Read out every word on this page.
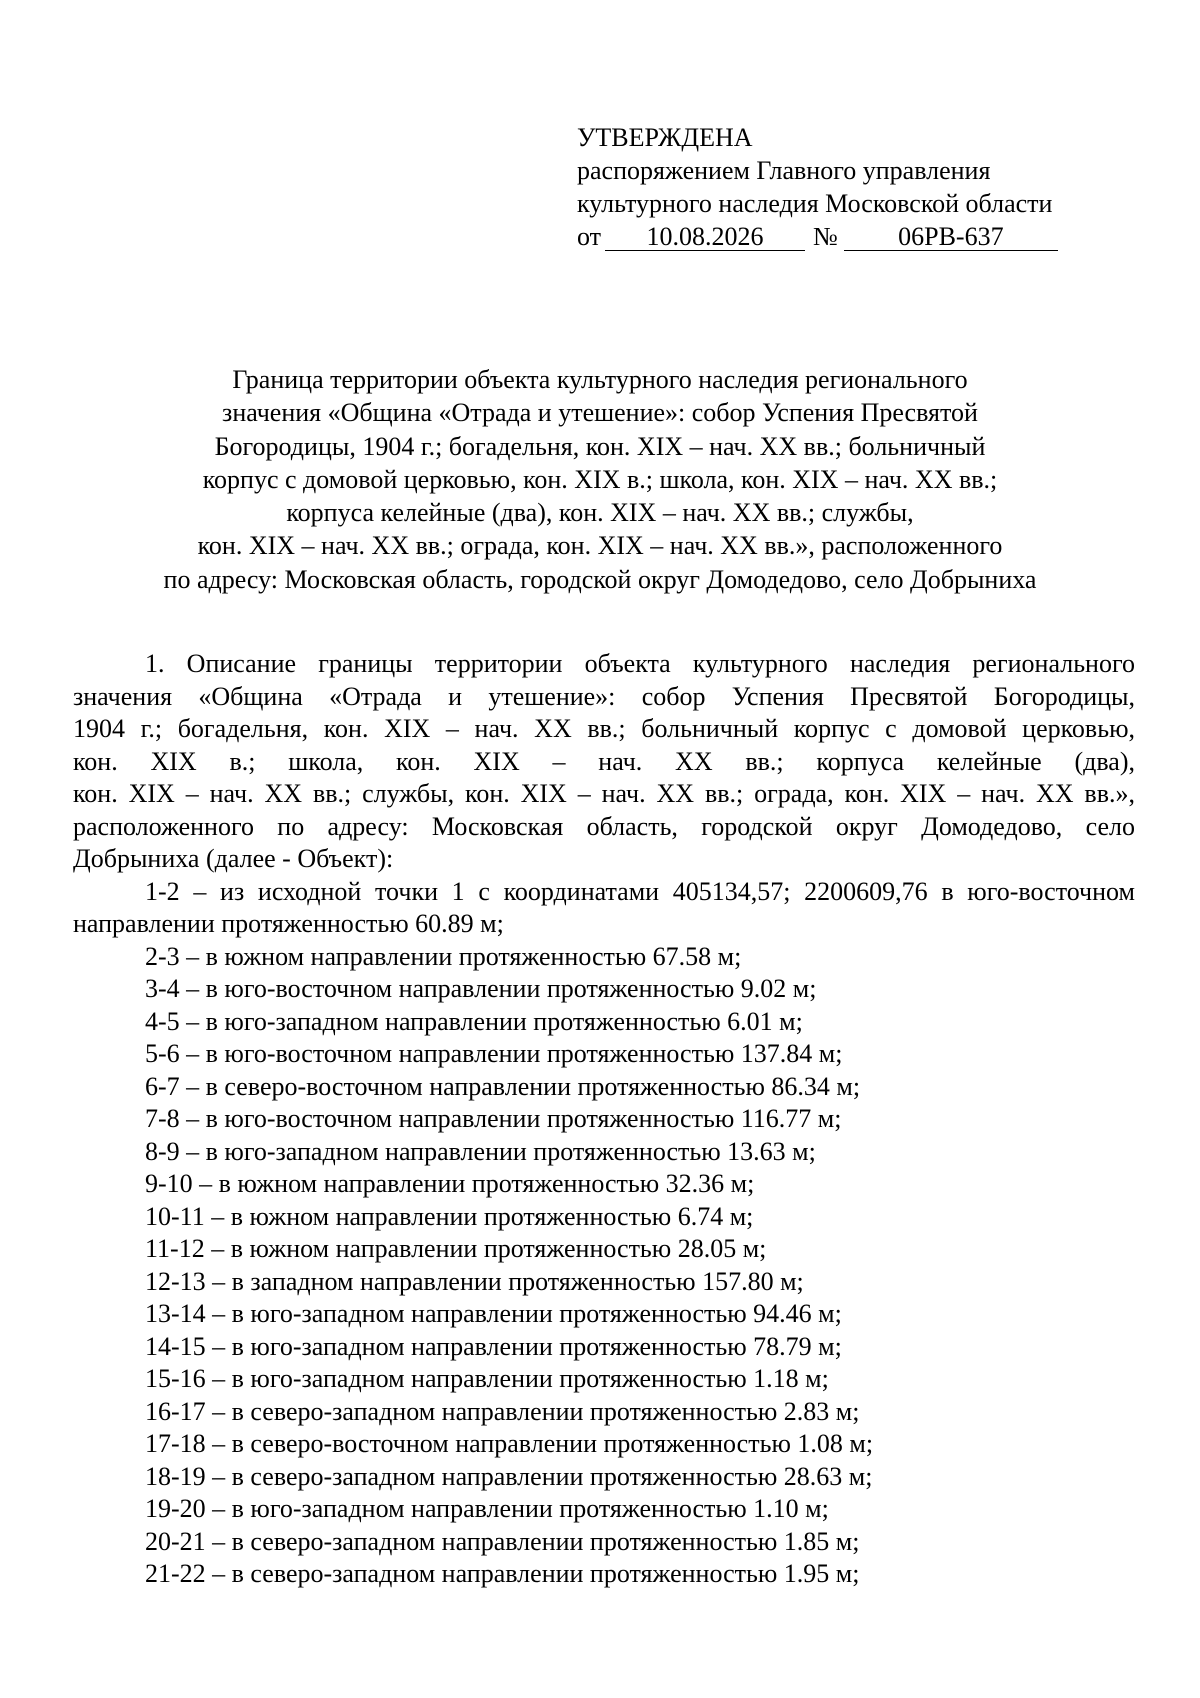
УТВЕРЖДЕНА
распоряжением Главного управления
культурного наследия Московской области
от 10.08.2026 № 06РВ-637
Граница территории объекта культурного наследия регионального
значения «Община «Отрада и утешение»: собор Успения Пресвятой
Богородицы, 1904 г.; богадельня, кон. XIX – нач. XX вв.; больничный
корпус с домовой церковью, кон. XIX в.; школа, кон. XIX – нач. XX вв.;
корпуса келейные (два), кон. XIX – нач. XX вв.; службы,
кон. XIX – нач. XX вв.; ограда, кон. XIX – нач. XX вв.», расположенного
по адресу: Московская область, городской округ Домодедово, село Добрыниха
1. Описание границы территории объекта культурного наследия регионального
значения «Община «Отрада и утешение»: собор Успения Пресвятой Богородицы,
1904 г.; богадельня, кон. XIX – нач. XX вв.; больничный корпус с домовой церковью,
кон. XIX в.; школа, кон. XIX – нач. XX вв.; корпуса келейные (два),
кон. XIX – нач. XX вв.; службы, кон. XIX – нач. XX вв.; ограда, кон. XIX – нач. XX вв.»,
расположенного по адресу: Московская область, городской округ Домодедово, село
Добрыниха (далее - Объект):
1-2 – из исходной точки 1 с координатами 405134,57; 2200609,76 в юго-восточном
направлении протяженностью 60.89 м;
2-3 – в южном направлении протяженностью 67.58 м;
3-4 – в юго-восточном направлении протяженностью 9.02 м;
4-5 – в юго-западном направлении протяженностью 6.01 м;
5-6 – в юго-восточном направлении протяженностью 137.84 м;
6-7 – в северо-восточном направлении протяженностью 86.34 м;
7-8 – в юго-восточном направлении протяженностью 116.77 м;
8-9 – в юго-западном направлении протяженностью 13.63 м;
9-10 – в южном направлении протяженностью 32.36 м;
10-11 – в южном направлении протяженностью 6.74 м;
11-12 – в южном направлении протяженностью 28.05 м;
12-13 – в западном направлении протяженностью 157.80 м;
13-14 – в юго-западном направлении протяженностью 94.46 м;
14-15 – в юго-западном направлении протяженностью 78.79 м;
15-16 – в юго-западном направлении протяженностью 1.18 м;
16-17 – в северо-западном направлении протяженностью 2.83 м;
17-18 – в северо-восточном направлении протяженностью 1.08 м;
18-19 – в северо-западном направлении протяженностью 28.63 м;
19-20 – в юго-западном направлении протяженностью 1.10 м;
20-21 – в северо-западном направлении протяженностью 1.85 м;
21-22 – в северо-западном направлении протяженностью 1.95 м;
